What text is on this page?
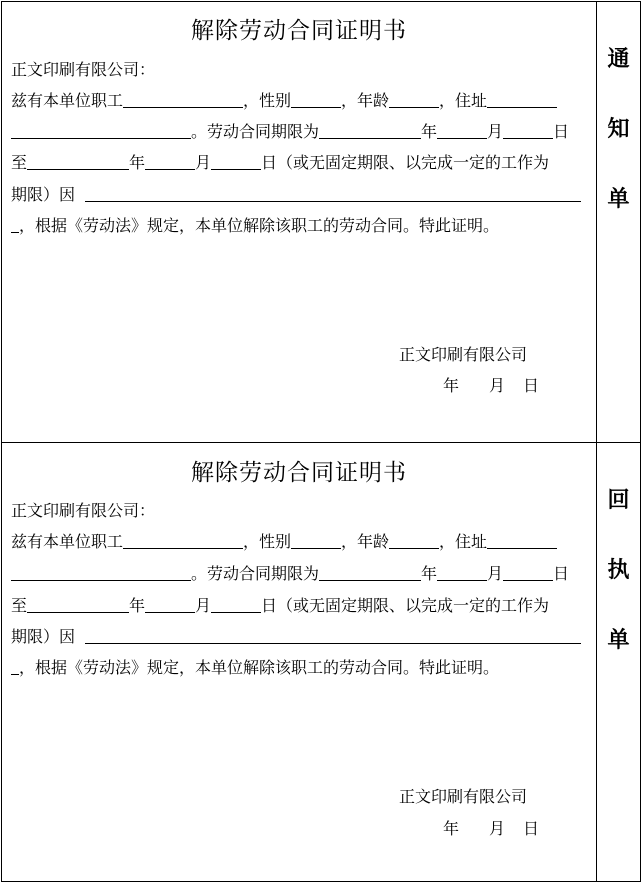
解除劳动合同证明书
正文印刷有限公司：
兹有本单位职工	，性别	，年龄	，住址
。劳动合同期限为	年	月	日
至	年	月	日（或无固定期限、以完成一定的工作为
期限）因
，根据《劳动法》规定，本单位解除该职工的劳动合同。特此证明。
正文印刷有限公司
年 月 日
通
知
单
解除劳动合同证明书
正文印刷有限公司：
兹有本单位职工	，性别	，年龄	，住址
。劳动合同期限为	年	月	日
至	年	月	日（或无固定期限、以完成一定的工作为
期限）因
，根据《劳动法》规定，本单位解除该职工的劳动合同。特此证明。
正文印刷有限公司
年 月 日
回
执
单
